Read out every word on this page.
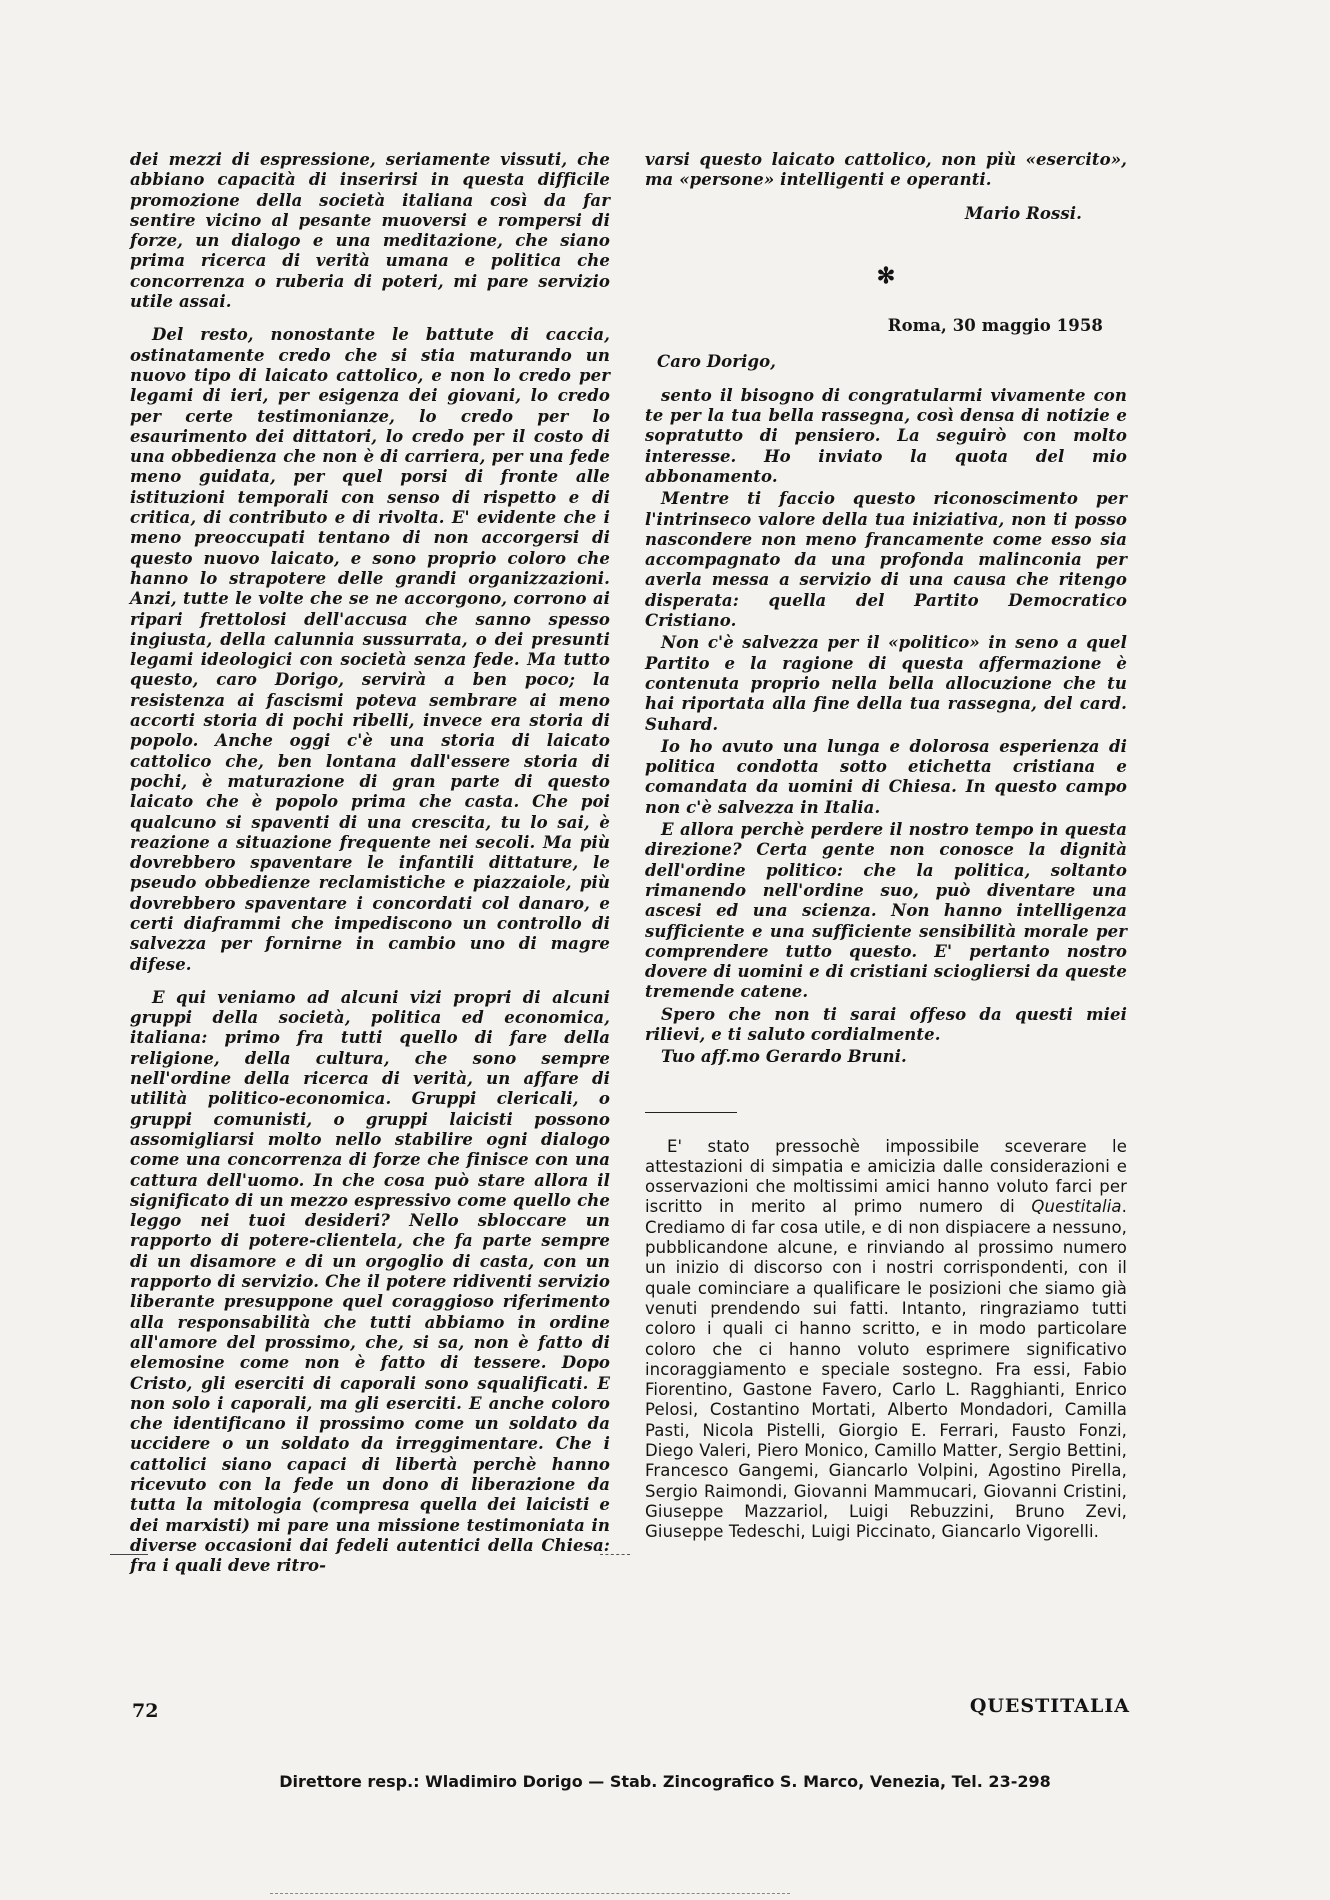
dei mezzi di espressione, seriamente vissuti, che abbiano capacità di inserirsi in questa difficile promozione della società italiana così da far sentire vicino al pesante muoversi e rompersi di forze, un dialogo e una meditazione, che siano prima ricerca di verità umana e politica che concorrenza o ruberia di poteri, mi pare servizio utile assai.

Del resto, nonostante le battute di caccia, ostinatamente credo che si stia maturando un nuovo tipo di laicato cattolico, e non lo credo per legami di ieri, per esigenza dei giovani, lo credo per certe testimonianze, lo credo per lo esaurimento dei dittatori, lo credo per il costo di una obbedienza che non è di carriera, per una fede meno guidata, per quel porsi di fronte alle istituzioni temporali con senso di rispetto e di critica, di contributo e di rivolta. E' evidente che i meno preoccupati tentano di non accorgersi di questo nuovo laicato, e sono proprio coloro che hanno lo strapotere delle grandi organizzazioni. Anzi, tutte le volte che se ne accorgono, corrono ai ripari frettolosi dell'accusa che sanno spesso ingiusta, della calunnia sussurrata, o dei presunti legami ideologici con società senza fede. Ma tutto questo, caro Dorigo, servirà a ben poco; la resistenza ai fascismi poteva sembrare ai meno accorti storia di pochi ribelli, invece era storia di popolo. Anche oggi c'è una storia di laicato cattolico che, ben lontana dall'essere storia di pochi, è maturazione di gran parte di questo laicato che è popolo prima che casta. Che poi qualcuno si spaventi di una crescita, tu lo sai, è reazione a situazione frequente nei secoli. Ma più dovrebbero spaventare le infantili dittature, le pseudo obbedienze reclamistiche e piazzaiole, più dovrebbero spaventare i concordati col danaro, e certi diaframmi che impediscono un controllo di salvezza per fornirne in cambio uno di magre difese.

E qui veniamo ad alcuni vizi propri di alcuni gruppi della società, politica ed economica, italiana: primo fra tutti quello di fare della religione, della cultura, che sono sempre nell'ordine della ricerca di verità, un affare di utilità politico-economica. Gruppi clericali, o gruppi comunisti, o gruppi laicisti possono assomigliarsi molto nello stabilire ogni dialogo come una concorrenza di forze che finisce con una cattura dell'uomo. In che cosa può stare allora il significato di un mezzo espressivo come quello che leggo nei tuoi desideri? Nello sbloccare un rapporto di potere-clientela, che fa parte sempre di un disamore e di un orgoglio di casta, con un rapporto di servizio. Che il potere ridiventi servizio liberante presuppone quel coraggioso riferimento alla responsabilità che tutti abbiamo in ordine all'amore del prossimo, che, si sa, non è fatto di elemosine come non è fatto di tessere. Dopo Cristo, gli eserciti di caporali sono squalificati. E non solo i caporali, ma gli eserciti. E anche coloro che identificano il prossimo come un soldato da uccidere o un soldato da irreggimentare. Che i cattolici siano capaci di libertà perchè hanno ricevuto con la fede un dono di liberazione da tutta la mitologia (compresa quella dei laicisti e dei marxisti) mi pare una missione testimoniata in diverse occasioni dai fedeli autentici della Chiesa: fra i quali deve ritro-

varsi questo laicato cattolico, non più «esercito», ma «persone» intelligenti e operanti.

Mario Rossi.

✻
Roma, 30 maggio 1958

Caro Dorigo,

sento il bisogno di congratularmi vivamente con te per la tua bella rassegna, così densa di notizie e sopratutto di pensiero. La seguirò con molto interesse. Ho inviato la quota del mio abbonamento.

Mentre ti faccio questo riconoscimento per l'intrinseco valore della tua iniziativa, non ti posso nascondere non meno francamente come esso sia accompagnato da una profonda malinconia per averla messa a servizio di una causa che ritengo disperata: quella del Partito Democratico Cristiano.

Non c'è salvezza per il «politico» in seno a quel Partito e la ragione di questa affermazione è contenuta proprio nella bella allocuzione che tu hai riportata alla fine della tua rassegna, del card. Suhard.

Io ho avuto una lunga e dolorosa esperienza di politica condotta sotto etichetta cristiana e comandata da uomini di Chiesa. In questo campo non c'è salvezza in Italia.

E allora perchè perdere il nostro tempo in questa direzione? Certa gente non conosce la dignità dell'ordine politico: che la politica, soltanto rimanendo nell'ordine suo, può diventare una ascesi ed una scienza. Non hanno intelligenza sufficiente e una sufficiente sensibilità morale per comprendere tutto questo. E' pertanto nostro dovere di uomini e di cristiani sciogliersi da queste tremende catene.

Spero che non ti sarai offeso da questi miei rilievi, e ti saluto cordialmente.

Tuo aff.mo Gerardo Bruni.

E' stato pressochè impossibile sceverare le attestazioni di simpatia e amicizia dalle considerazioni e osservazioni che moltissimi amici hanno voluto farci per iscritto in merito al primo numero di Questitalia. Crediamo di far cosa utile, e di non dispiacere a nessuno, pubblicandone alcune, e rinviando al prossimo numero un inizio di discorso con i nostri corrispondenti, con il quale cominciare a qualificare le posizioni che siamo già venuti prendendo sui fatti. Intanto, ringraziamo tutti coloro i quali ci hanno scritto, e in modo particolare coloro che ci hanno voluto esprimere significativo incoraggiamento e speciale sostegno. Fra essi, Fabio Fiorentino, Gastone Favero, Carlo L. Ragghianti, Enrico Pelosi, Costantino Mortati, Alberto Mondadori, Camilla Pasti, Nicola Pistelli, Giorgio E. Ferrari, Fausto Fonzi, Diego Valeri, Piero Monico, Camillo Matter, Sergio Bettini, Francesco Gangemi, Giancarlo Volpini, Agostino Pirella, Sergio Raimondi, Giovanni Mammucari, Giovanni Cristini, Giuseppe Mazzariol, Luigi Rebuzzini, Bruno Zevi, Giuseppe Tedeschi, Luigi Piccinato, Giancarlo Vigorelli.

72	QUESTITALIA
Direttore resp.: Wladimiro Dorigo — Stab. Zincografico S. Marco, Venezia, Tel. 23-298
